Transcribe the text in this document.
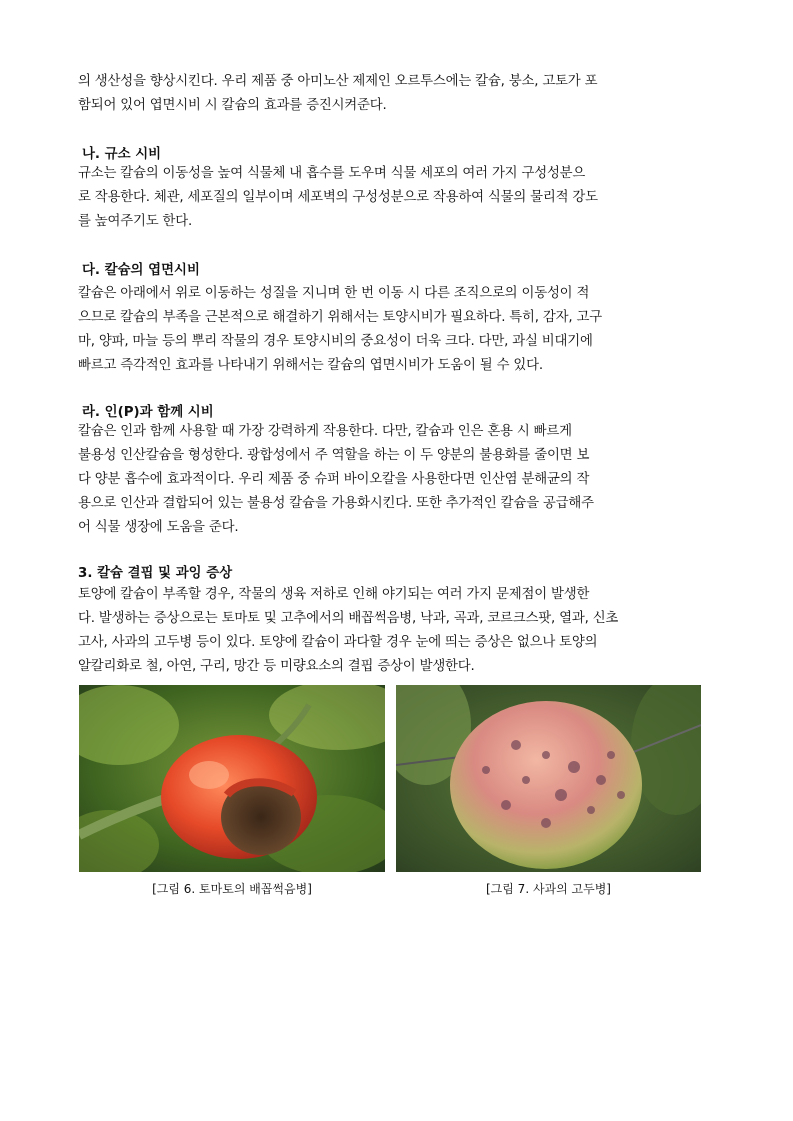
의 생산성을 향상시킨다. 우리 제품 중 아미노산 제제인 오르투스에는 칼슘, 붕소, 고토가 포
함되어 있어 엽면시비 시 칼슘의 효과를 증진시켜준다.
나. 규소 시비
규소는 칼슘의 이동성을 높여 식물체 내 흡수를 도우며 식물 세포의 여러 가지 구성성분으
로 작용한다. 체관, 세포질의 일부이며 세포벽의 구성성분으로 작용하여 식물의 물리적 강도
를 높여주기도 한다.
다. 칼슘의 엽면시비
칼슘은 아래에서 위로 이동하는 성질을 지니며 한 번 이동 시 다른 조직으로의 이동성이 적
으므로 칼슘의 부족을 근본적으로 해결하기 위해서는 토양시비가 필요하다. 특히, 감자, 고구
마, 양파, 마늘 등의 뿌리 작물의 경우 토양시비의 중요성이 더욱 크다. 다만, 과실 비대기에
빠르고 즉각적인 효과를 나타내기 위해서는 칼슘의 엽면시비가 도움이 될 수 있다.
라. 인(P)과 함께 시비
칼슘은 인과 함께 사용할 때 가장 강력하게 작용한다. 다만, 칼슘과 인은 혼용 시 빠르게
불용성 인산칼슘을 형성한다. 광합성에서 주 역할을 하는 이 두 양분의 불용화를 줄이면 보
다 양분 흡수에 효과적이다. 우리 제품 중 슈퍼 바이오칼을 사용한다면 인산염 분해균의 작
용으로 인산과 결합되어 있는 불용성 칼슘을 가용화시킨다. 또한 추가적인 칼슘을 공급해주
어 식물 생장에 도움을 준다.
3. 칼슘 결핍 및 과잉 증상
토양에 칼슘이 부족할 경우, 작물의 생육 저하로 인해 야기되는 여러 가지 문제점이 발생한
다. 발생하는 증상으로는 토마토 및 고추에서의 배꼽썩음병, 낙과, 곡과, 코르크스팟, 열과, 신초
고사, 사과의 고두병 등이 있다. 토양에 칼슘이 과다할 경우 눈에 띄는 증상은 없으나 토양의
알칼리화로 철, 아연, 구리, 망간 등 미량요소의 결핍 증상이 발생한다.
[그림 6. 토마토의 배꼽썩음병]	[그림 7. 사과의 고두병]
